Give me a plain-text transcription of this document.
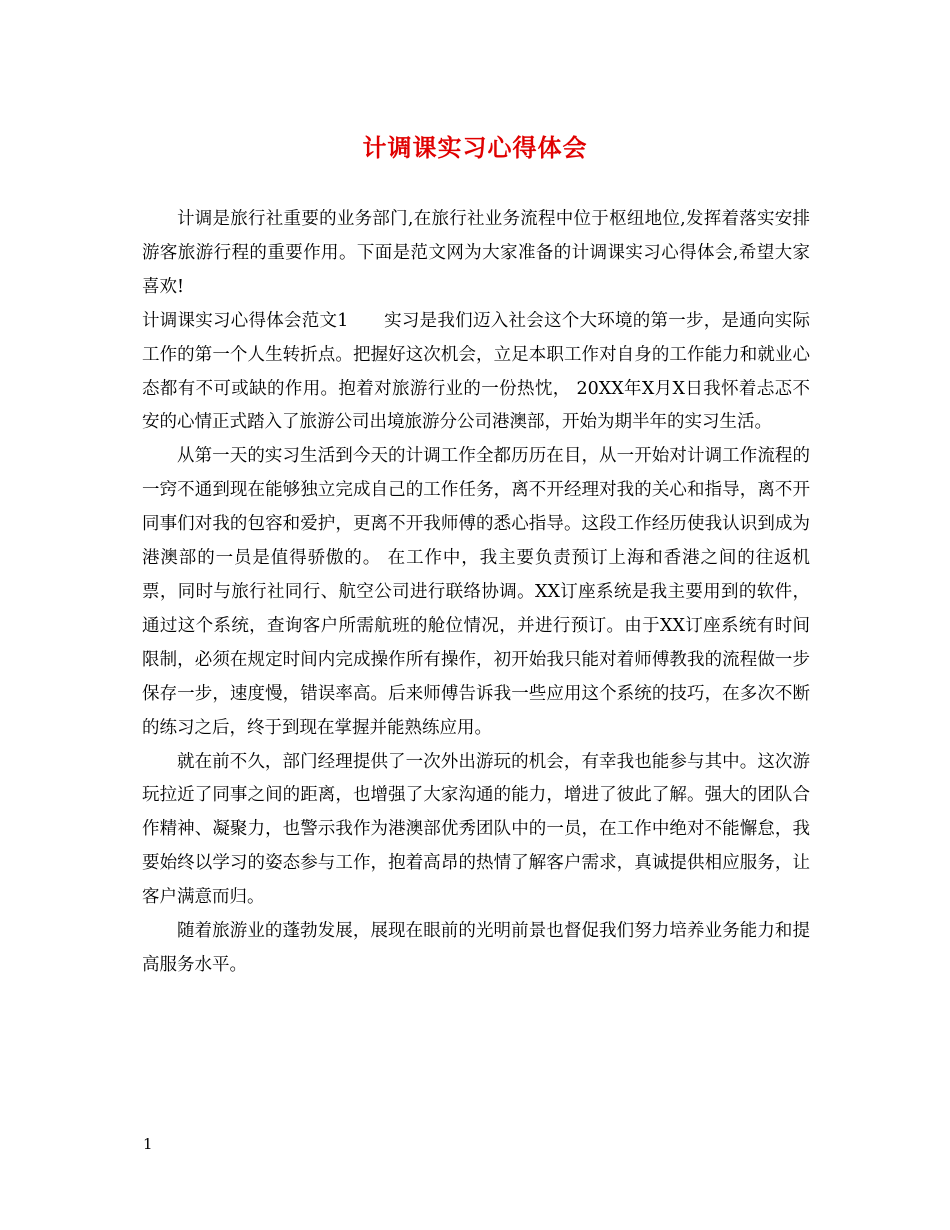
计调课实习心得体会

计调是旅行社重要的业务部门,在旅行社业务流程中位于枢纽地位,发挥着落实安排游客旅游行程的重要作用。下面是范文网为大家准备的计调课实习心得体会,希望大家喜欢!

计调课实习心得体会范文1　　实习是我们迈入社会这个大环境的第一步，是通向实际工作的第一个人生转折点。把握好这次机会，立足本职工作对自身的工作能力和就业心态都有不可或缺的作用。抱着对旅游行业的一份热忱， 20XX年X月X日我怀着忐忑不安的心情正式踏入了旅游公司出境旅游分公司港澳部，开始为期半年的实习生活。

从第一天的实习生活到今天的计调工作全都历历在目，从一开始对计调工作流程的一窍不通到现在能够独立完成自己的工作任务，离不开经理对我的关心和指导，离不开同事们对我的包容和爱护，更离不开我师傅的悉心指导。这段工作经历使我认识到成为港澳部的一员是值得骄傲的。 在工作中，我主要负责预订上海和香港之间的往返机票，同时与旅行社同行、航空公司进行联络协调。XX订座系统是我主要用到的软件，通过这个系统，查询客户所需航班的舱位情况，并进行预订。由于XX订座系统有时间限制，必须在规定时间内完成操作所有操作，初开始我只能对着师傅教我的流程做一步保存一步，速度慢，错误率高。后来师傅告诉我一些应用这个系统的技巧，在多次不断的练习之后，终于到现在掌握并能熟练应用。

就在前不久，部门经理提供了一次外出游玩的机会，有幸我也能参与其中。这次游玩拉近了同事之间的距离，也增强了大家沟通的能力，增进了彼此了解。强大的团队合作精神、凝聚力，也警示我作为港澳部优秀团队中的一员，在工作中绝对不能懈怠，我要始终以学习的姿态参与工作，抱着高昂的热情了解客户需求，真诚提供相应服务，让客户满意而归。

随着旅游业的蓬勃发展，展现在眼前的光明前景也督促我们努力培养业务能力和提高服务水平。

1
